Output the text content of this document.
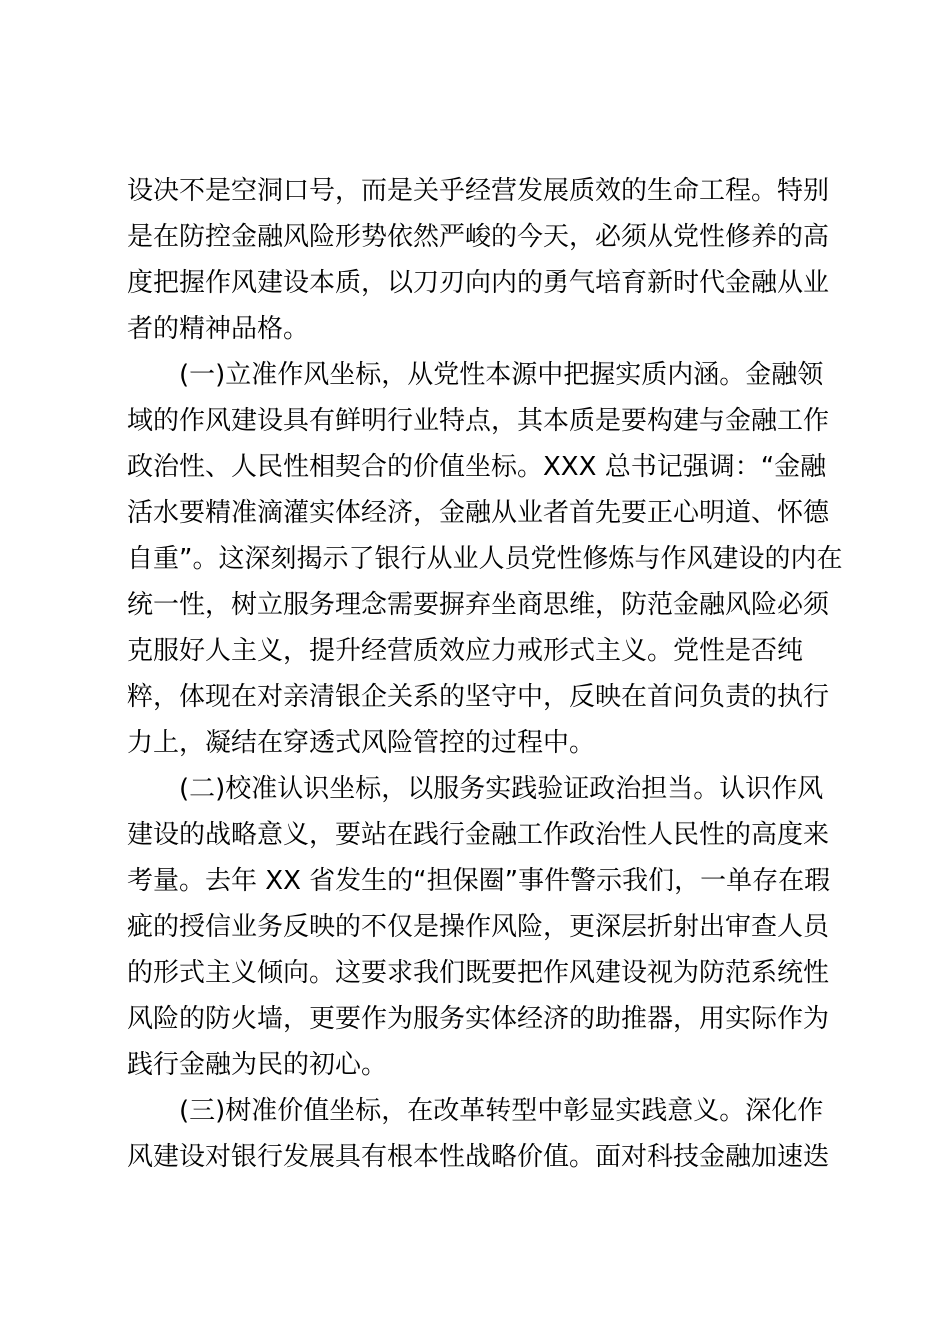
设决不是空洞口号，而是关乎经营发展质效的生命工程。特别
是在防控金融风险形势依然严峻的今天，必须从党性修养的高
度把握作风建设本质，以刀刃向内的勇气培育新时代金融从业
者的精神品格。
(一)立准作风坐标，从党性本源中把握实质内涵。金融领
域的作风建设具有鲜明行业特点，其本质是要构建与金融工作
政治性、人民性相契合的价值坐标。XXX 总书记强调：“金融
活水要精准滴灌实体经济，金融从业者首先要正心明道、怀德
自重”。这深刻揭示了银行从业人员党性修炼与作风建设的内在
统一性，树立服务理念需要摒弃坐商思维，防范金融风险必须
克服好人主义，提升经营质效应力戒形式主义。党性是否纯
粹，体现在对亲清银企关系的坚守中，反映在首问负责的执行
力上，凝结在穿透式风险管控的过程中。
(二)校准认识坐标，以服务实践验证政治担当。认识作风
建设的战略意义，要站在践行金融工作政治性人民性的高度来
考量。去年 XX 省发生的“担保圈”事件警示我们，一单存在瑕
疵的授信业务反映的不仅是操作风险，更深层折射出审查人员
的形式主义倾向。这要求我们既要把作风建设视为防范系统性
风险的防火墙，更要作为服务实体经济的助推器，用实际作为
践行金融为民的初心。
(三)树准价值坐标，在改革转型中彰显实践意义。深化作
风建设对银行发展具有根本性战略价值。面对科技金融加速迭
